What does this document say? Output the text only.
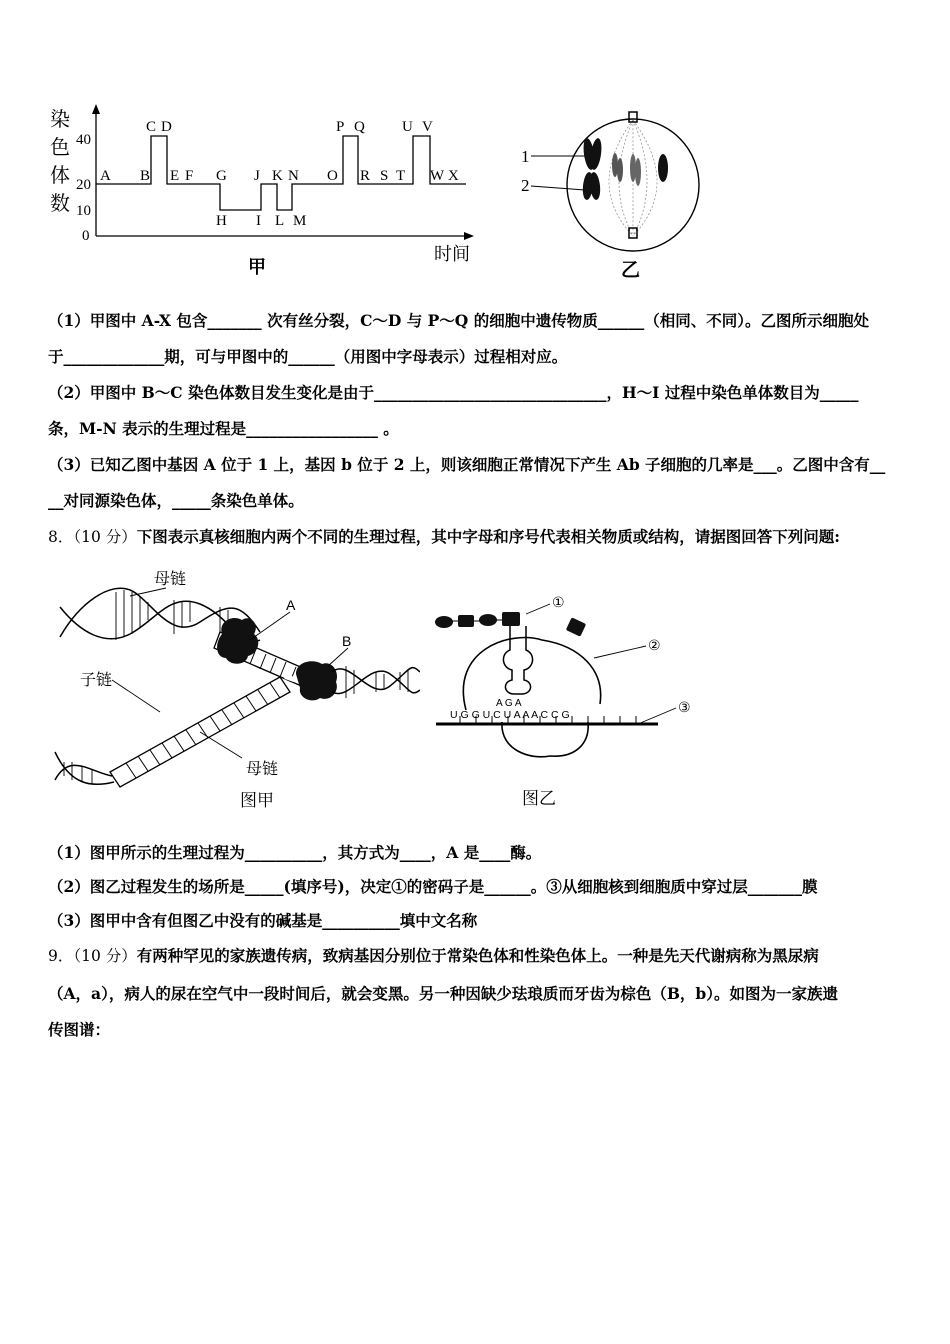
染
色
体
数
40
20
10
0
A B
C D
E F G
H I
J K
L M
N O
P Q
R S T
U V
W X
时间
甲
1
2
乙
（1）甲图中 A-X 包含_______ 次有丝分裂，C～D 与 P～Q 的细胞中遗传物质______（相同、不同）。乙图所示细胞处
于_____________期，可与甲图中的______（用图中字母表示）过程相对应。
（2）甲图中 B～C 染色体数目发生变化是由于______________________________，H～I 过程中染色单体数目为_____
条，M-N 表示的生理过程是_________________ 。
（3）已知乙图中基因 A 位于 1 上，基因 b 位于 2 上，则该细胞正常情况下产生 Ab 子细胞的几率是___。乙图中含有__
__对同源染色体，_____条染色单体。
8．（10 分）下图表示真核细胞内两个不同的生理过程，其中字母和序号代表相关物质或结构，请据图回答下列问题:
母链
A
B
子链
母链
图甲
A G A
U G G U C U A A A C C G
①
②
③
图乙
（1）图甲所示的生理过程为__________，其方式为____，A 是____酶。
（2）图乙过程发生的场所是_____(填序号)，决定①的密码子是______。③从细胞核到细胞质中穿过层_______膜
（3）图甲中含有但图乙中没有的碱基是__________填中文名称
9．（10 分）有两种罕见的家族遗传病，致病基因分别位于常染色体和性染色体上。一种是先天代谢病称为黑尿病
（A，a），病人的尿在空气中一段时间后，就会变黑。另一种因缺少珐琅质而牙齿为棕色（B，b）。如图为一家族遗
传图谱：
